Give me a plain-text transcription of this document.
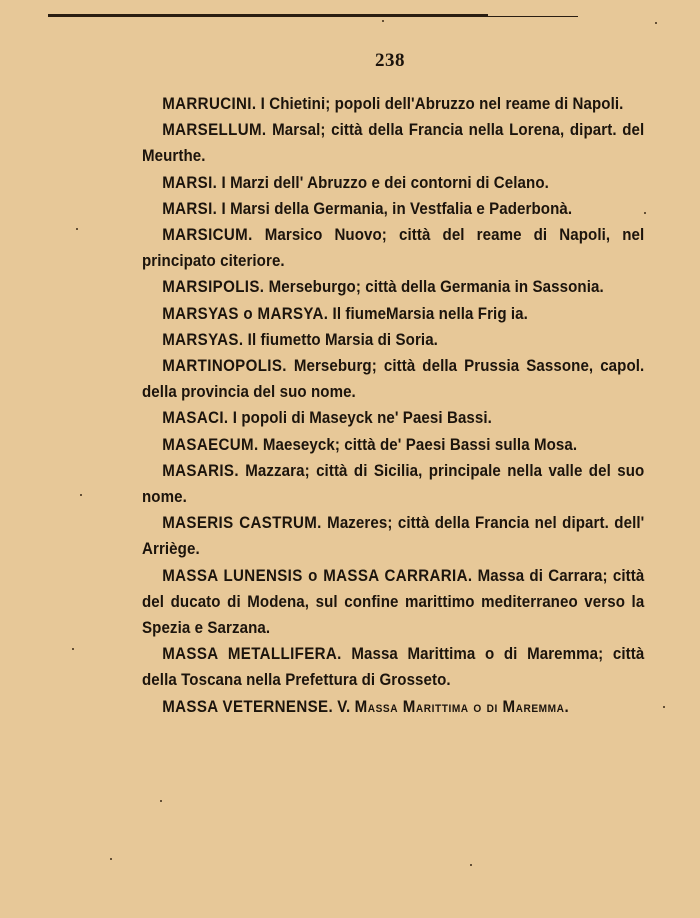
238

MARRUCINI. I Chietini; popoli dell'Abruzzo nel reame di Napoli.

MARSELLUM. Marsal; città della Francia nella Lorena, dipart. del Meurthe.

MARSI. I Marzi dell' Abruzzo e dei contorni di Celano.

MARSI. I Marsi della Germania, in Vestfalia e Paderbonà.

MARSICUM. Marsico Nuovo; città del reame di Napoli, nel principato citeriore.

MARSIPOLIS. Merseburgo; città della Germania in Sassonia.

MARSYAS o MARSYA. Il fiumeMarsia nella Frig ia.

MARSYAS. Il fiumetto Marsia di Soria.

MARTINOPOLIS. Merseburg; città della Prussia Sassone, capol. della provincia del suo nome.

MASACI. I popoli di Maseyck ne' Paesi Bassi.

MASAECUM. Maeseyck; città de' Paesi Bassi sulla Mosa.

MASARIS. Mazzara; città di Sicilia, principale nella valle del suo nome.

MASERIS CASTRUM. Mazeres; città della Francia nel dipart. dell' Arriège.

MASSA LUNENSIS o MASSA CARRARIA. Massa di Carrara; città del ducato di Modena, sul confine marittimo mediterraneo verso la Spezia e Sarzana.

MASSA METALLIFERA. Massa Marittima o di Maremma; città della Toscana nella Prefettura di Grosseto.

MASSA VETERNENSE. V. Massa Marittima o di Maremma.
